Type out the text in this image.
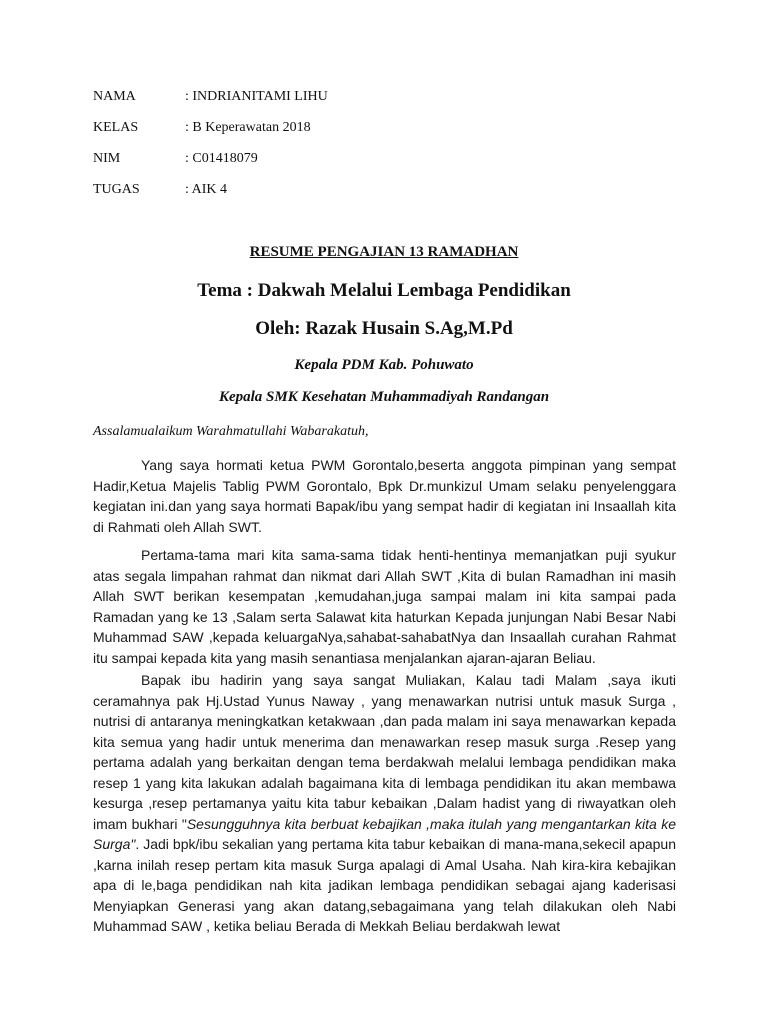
NAMA	: INDRIANITAMI LIHU
KELAS	: B Keperawatan 2018
NIM	: C01418079
TUGAS	: AIK 4
RESUME PENGAJIAN 13 RAMADHAN
Tema : Dakwah Melalui Lembaga Pendidikan
Oleh: Razak Husain S.Ag,M.Pd
Kepala PDM Kab. Pohuwato
Kepala SMK Kesehatan Muhammadiyah Randangan
Assalamualaikum Warahmatullahi Wabarakatuh,
Yang saya hormati ketua PWM Gorontalo,beserta anggota pimpinan yang sempat Hadir,Ketua Majelis Tablig PWM Gorontalo, Bpk Dr.munkizul Umam selaku penyelenggara kegiatan ini.dan yang saya hormati Bapak/ibu yang sempat hadir di kegiatan ini Insaallah kita di Rahmati oleh Allah SWT.
Pertama-tama mari kita sama-sama tidak henti-hentinya memanjatkan puji syukur atas segala limpahan rahmat dan nikmat dari Allah SWT ,Kita di bulan Ramadhan ini masih Allah SWT berikan kesempatan ,kemudahan,juga sampai malam ini kita sampai pada Ramadan yang ke 13 ,Salam serta Salawat kita haturkan Kepada junjungan Nabi Besar Nabi Muhammad SAW ,kepada keluargaNya,sahabat-sahabatNya dan Insaallah curahan Rahmat itu sampai kepada kita yang masih senantiasa menjalankan ajaran-ajaran Beliau.
Bapak ibu hadirin yang saya sangat Muliakan, Kalau tadi Malam ,saya ikuti ceramahnya pak Hj.Ustad Yunus Naway , yang menawarkan nutrisi untuk masuk Surga , nutrisi di antaranya meningkatkan ketakwaan ,dan pada malam ini saya menawarkan kepada kita semua yang hadir untuk menerima dan menawarkan resep masuk surga .Resep yang pertama adalah yang berkaitan dengan tema berdakwah melalui lembaga pendidikan maka resep 1 yang kita lakukan adalah bagaimana kita di lembaga pendidikan itu akan membawa kesurga ,resep pertamanya yaitu kita tabur kebaikan ,Dalam hadist yang di riwayatkan oleh imam bukhari "Sesungguhnya kita berbuat kebajikan ,maka itulah yang mengantarkan kita ke Surga". Jadi bpk/ibu sekalian yang pertama kita tabur kebaikan di mana-mana,sekecil apapun ,karna inilah resep pertam kita masuk Surga apalagi di Amal Usaha. Nah kira-kira kebajikan apa di le,baga pendidikan nah kita jadikan lembaga pendidikan sebagai ajang kaderisasi Menyiapkan Generasi yang akan datang,sebagaimana yang telah dilakukan oleh Nabi Muhammad SAW , ketika beliau Berada di Mekkah Beliau berdakwah lewat
